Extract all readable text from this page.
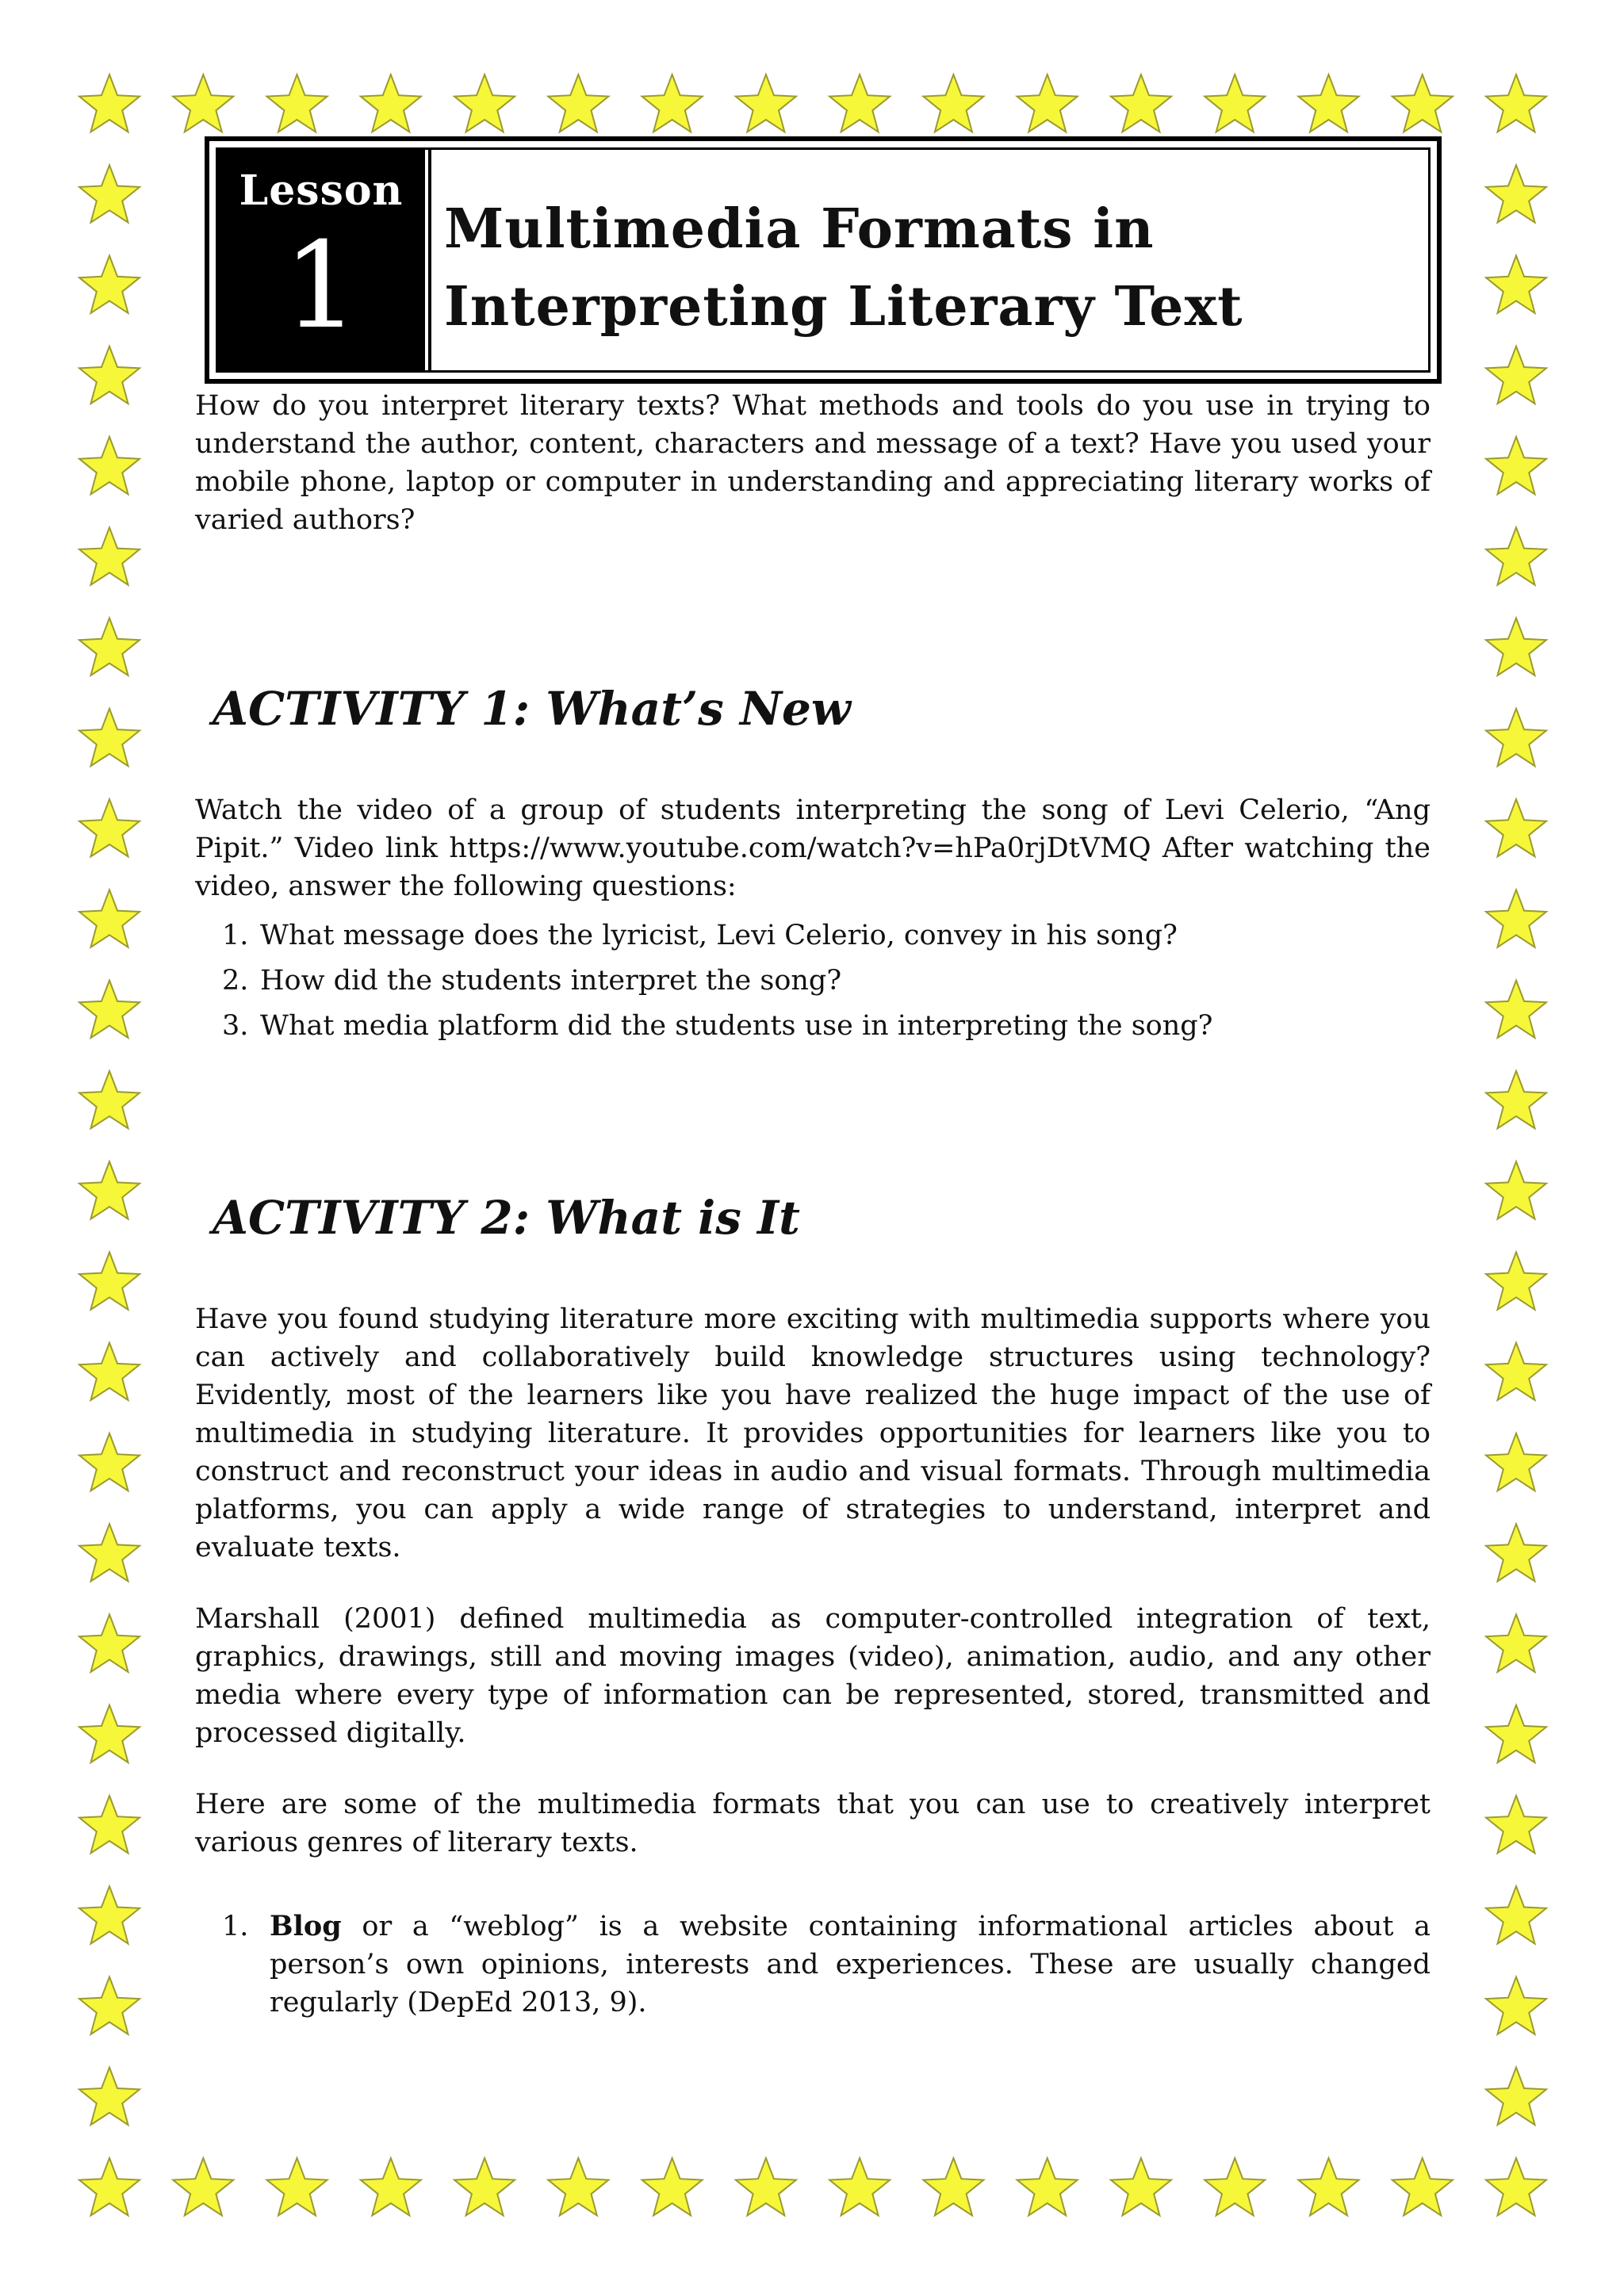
Lesson
1	Multimedia Formats in
Interpreting Literary Text

How do you interpret literary texts? What methods and tools do you use in trying to understand the author, content, characters and message of a text? Have you used your mobile phone, laptop or computer in understanding and appreciating literary works of varied authors?

ACTIVITY 1: What’s New

Watch the video of a group of students interpreting the song of Levi Celerio, “Ang Pipit.” Video link https://www.youtube.com/watch?v=hPa0rjDtVMQ After watching the video, answer the following questions:

1. What message does the lyricist, Levi Celerio, convey in his song?
2. How did the students interpret the song?
3. What media platform did the students use in interpreting the song?
ACTIVITY 2: What is It

Have you found studying literature more exciting with multimedia supports where you can actively and collaboratively build knowledge structures using technology? Evidently, most of the learners like you have realized the huge impact of the use of multimedia in studying literature. It provides opportunities for learners like you to construct and reconstruct your ideas in audio and visual formats. Through multimedia platforms, you can apply a wide range of strategies to understand, interpret and evaluate texts.

Marshall (2001) defined multimedia as computer-controlled integration of text, graphics, drawings, still and moving images (video), animation, audio, and any other media where every type of information can be represented, stored, transmitted and processed digitally.

Here are some of the multimedia formats that you can use to creatively interpret various genres of literary texts.

1. Blog or a “weblog” is a website containing informational articles about a person’s own opinions, interests and experiences. These are usually changed regularly (DepEd 2013, 9).
